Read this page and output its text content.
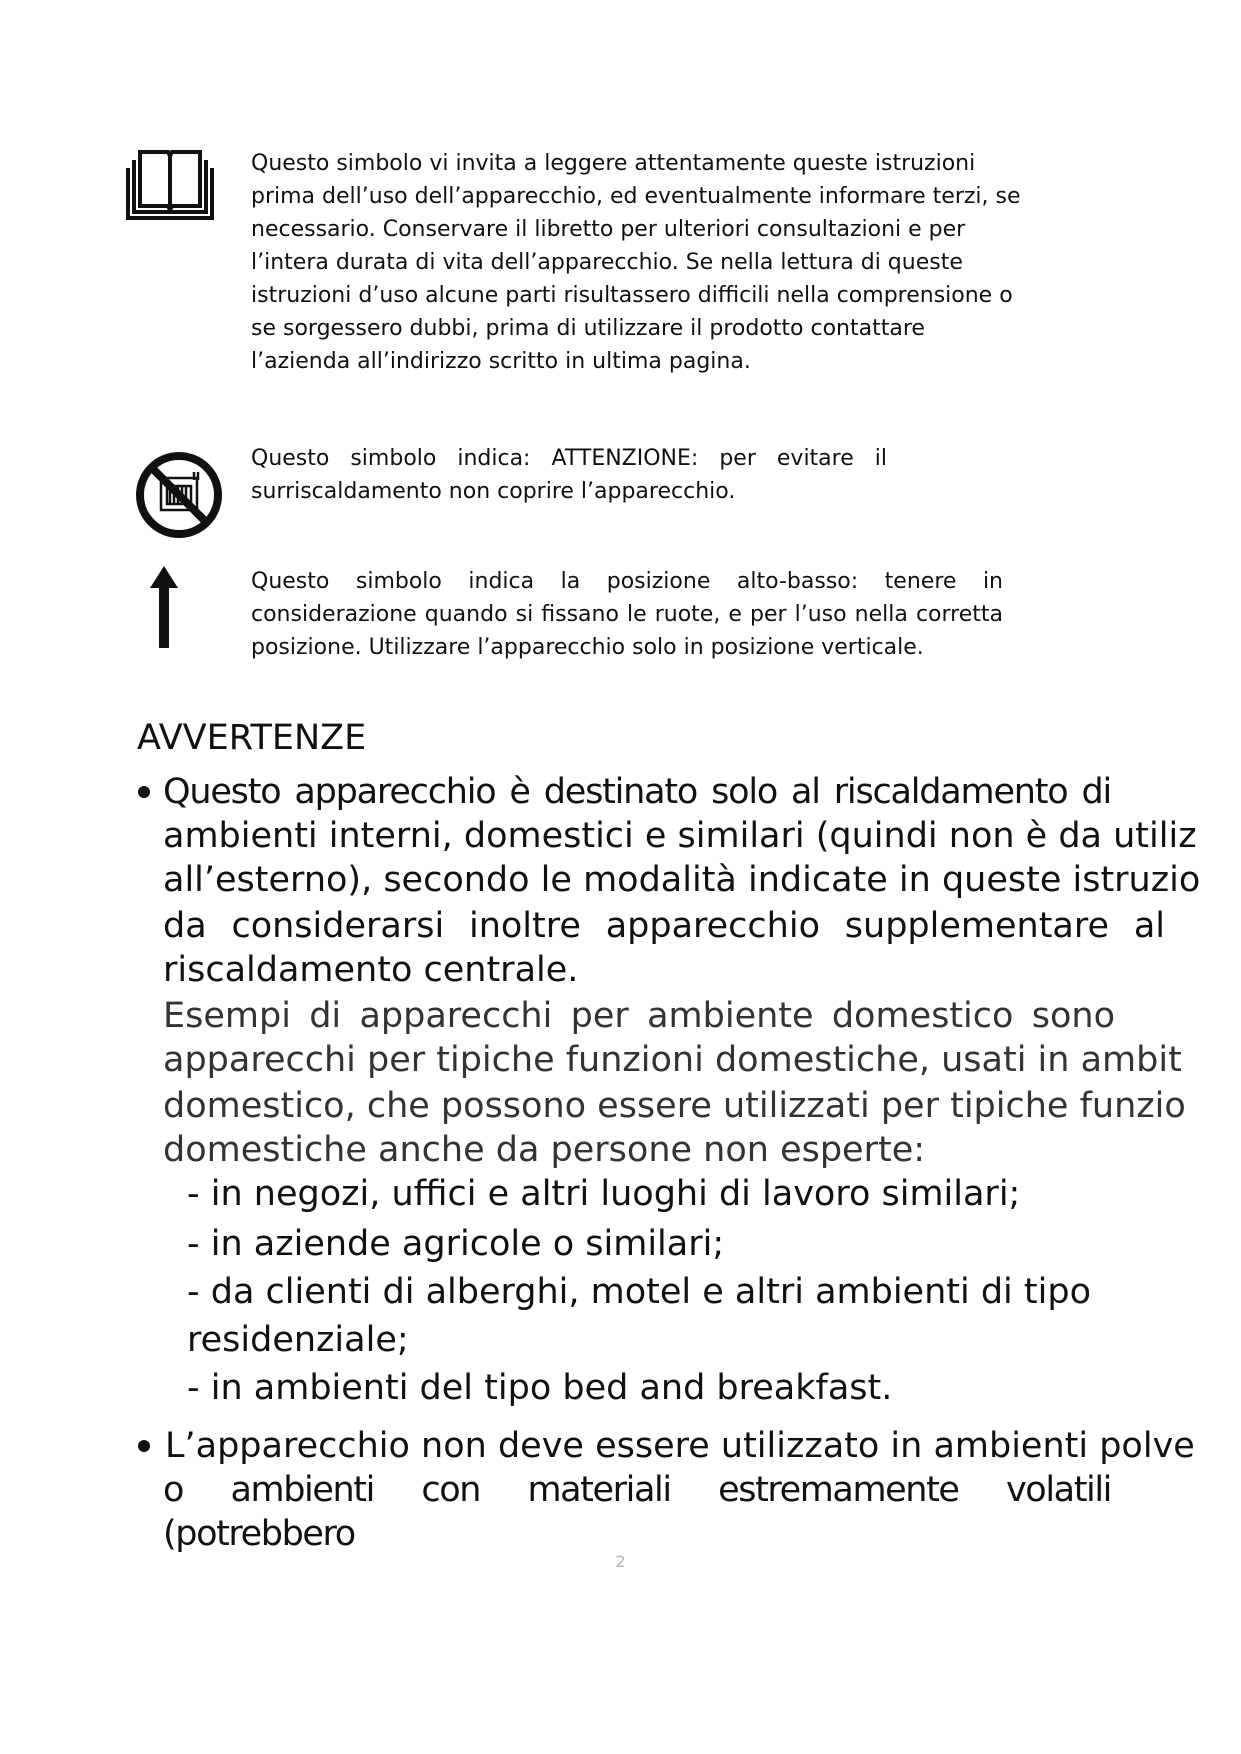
Questo simbolo vi invita a leggere attentamente queste istruzioni prima dell’uso dell’apparecchio, ed eventualmente informare terzi, se necessario. Conservare il libretto per ulteriori consultazioni e per l’intera durata di vita dell’apparecchio. Se nella lettura di queste istruzioni d’uso alcune parti risultassero difficili nella comprensione o se sorgessero dubbi, prima di utilizzare il prodotto contattare l’azienda all’indirizzo scritto in ultima pagina.

Questo simbolo indica: ATTENZIONE: per evitare il surriscaldamento non coprire l’apparecchio.

Questo simbolo indica la posizione alto-basso: tenere in considerazione quando si fissano le ruote, e per l’uso nella corretta posizione. Utilizzare l’apparecchio solo in posizione verticale.

AVVERTENZE

Questo apparecchio è destinato solo al riscaldamento di

ambienti interni, domestici e similari (quindi non è da utiliz

all’esterno), secondo le modalità indicate in queste istruzio

da considerarsi inoltre apparecchio supplementare al

riscaldamento centrale.

Esempi di apparecchi per ambiente domestico sono

apparecchi per tipiche funzioni domestiche, usati in ambit

domestico, che possono essere utilizzati per tipiche funzio

domestiche anche da persone non esperte:

- in negozi, uffici e altri luoghi di lavoro similari;

- in aziende agricole o similari;

- da clienti di alberghi, motel e altri ambienti di tipo

residenziale;

- in ambienti del tipo bed and breakfast.

L’apparecchio non deve essere utilizzato in ambienti polve

o ambienti con materiali estremamente volatili (potrebbero

2
